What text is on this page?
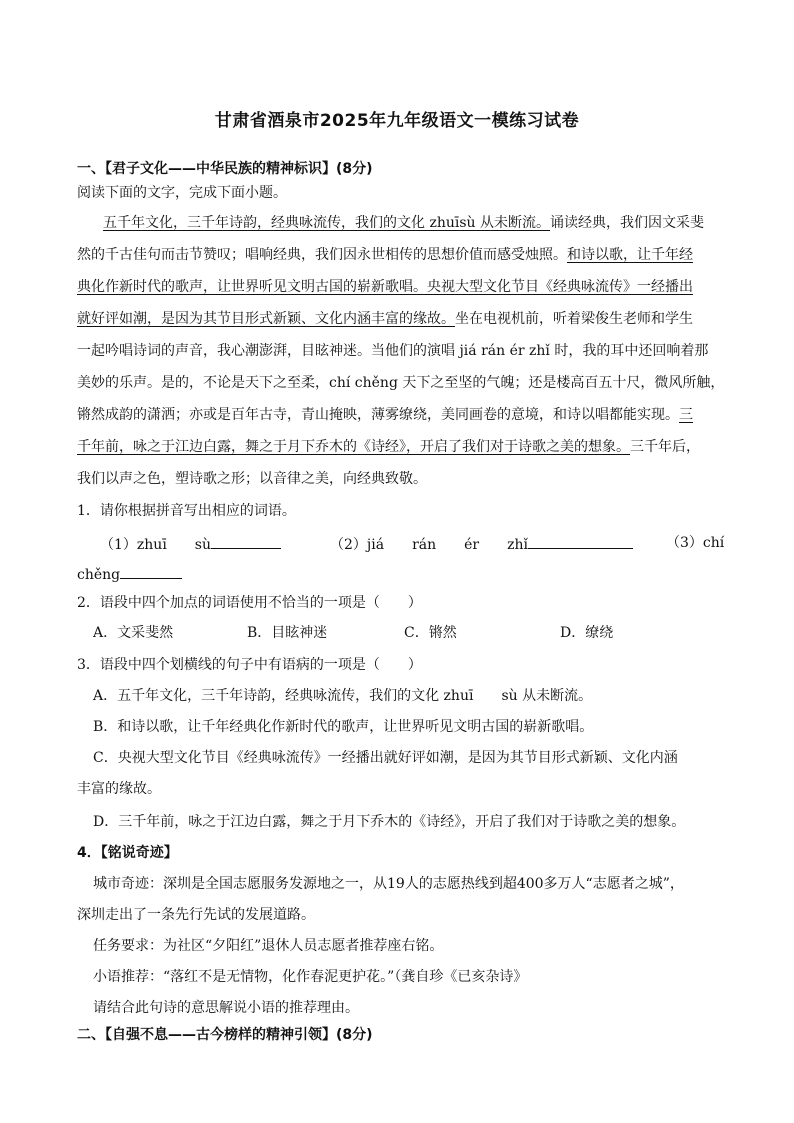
甘肃省酒泉市2025年九年级语文一模练习试卷
一、【君子文化——中华民族的精神标识】(8分)
阅读下面的文字，完成下面小题。
五千年文化，三千年诗韵，经典咏流传，我们的文化 zhuīsù 从未断流。诵读经典，我们因文采斐
然的千古佳句而击节赞叹；唱响经典，我们因永世相传的思想价值而感受烛照。和诗以歌，让千年经
典化作新时代的歌声，让世界听见文明古国的崭新歌唱。央视大型文化节目《经典咏流传》一经播出
就好评如潮，是因为其节目形式新颖、文化内涵丰富的缘故。坐在电视机前，听着梁俊生老师和学生
一起吟唱诗词的声音，我心潮澎湃，目眩神迷。当他们的演唱 jiá rán ér zhǐ 时，我的耳中还回响着那
美妙的乐声。是的，不论是天下之至柔，chí chěng 天下之至坚的气魄；还是楼高百五十尺，微风所触，
锵然成韵的潇洒；亦或是百年古寺，青山掩映，薄雾缭绕，美同画卷的意境，和诗以唱都能实现。三
千年前，咏之于江边白露，舞之于月下乔木的《诗经》，开启了我们对于诗歌之美的想象。三千年后，
我们以声之色，塑诗歌之形；以音律之美，向经典致敬。
1．请你根据拼音写出相应的词语。
（1）zhuī　　sù	（2）jiá　　rán　　ér　　zhǐ	（3）chí
chěng
2．语段中四个加点的词语使用不恰当的一项是（　　）
A．文采斐然	B．目眩神迷	C．锵然	D．缭绕
3．语段中四个划横线的句子中有语病的一项是（　　）
A．五千年文化，三千年诗韵，经典咏流传，我们的文化 zhuī　　sù 从未断流。
B．和诗以歌，让千年经典化作新时代的歌声，让世界听见文明古国的崭新歌唱。
C．央视大型文化节目《经典咏流传》一经播出就好评如潮，是因为其节目形式新颖、文化内涵
丰富的缘故。
D．三千年前，咏之于江边白露，舞之于月下乔木的《诗经》，开启了我们对于诗歌之美的想象。
4．【铭说奇迹】
城市奇迹：深圳是全国志愿服务发源地之一，从19人的志愿热线到超400多万人“志愿者之城”，
深圳走出了一条先行先试的发展道路。
任务要求：为社区“夕阳红”退休人员志愿者推荐座右铭。
小语推荐：“落红不是无情物，化作春泥更护花。”（龚自珍《已亥杂诗》
请结合此句诗的意思解说小语的推荐理由。
二、【自强不息——古今榜样的精神引领】(8分)
